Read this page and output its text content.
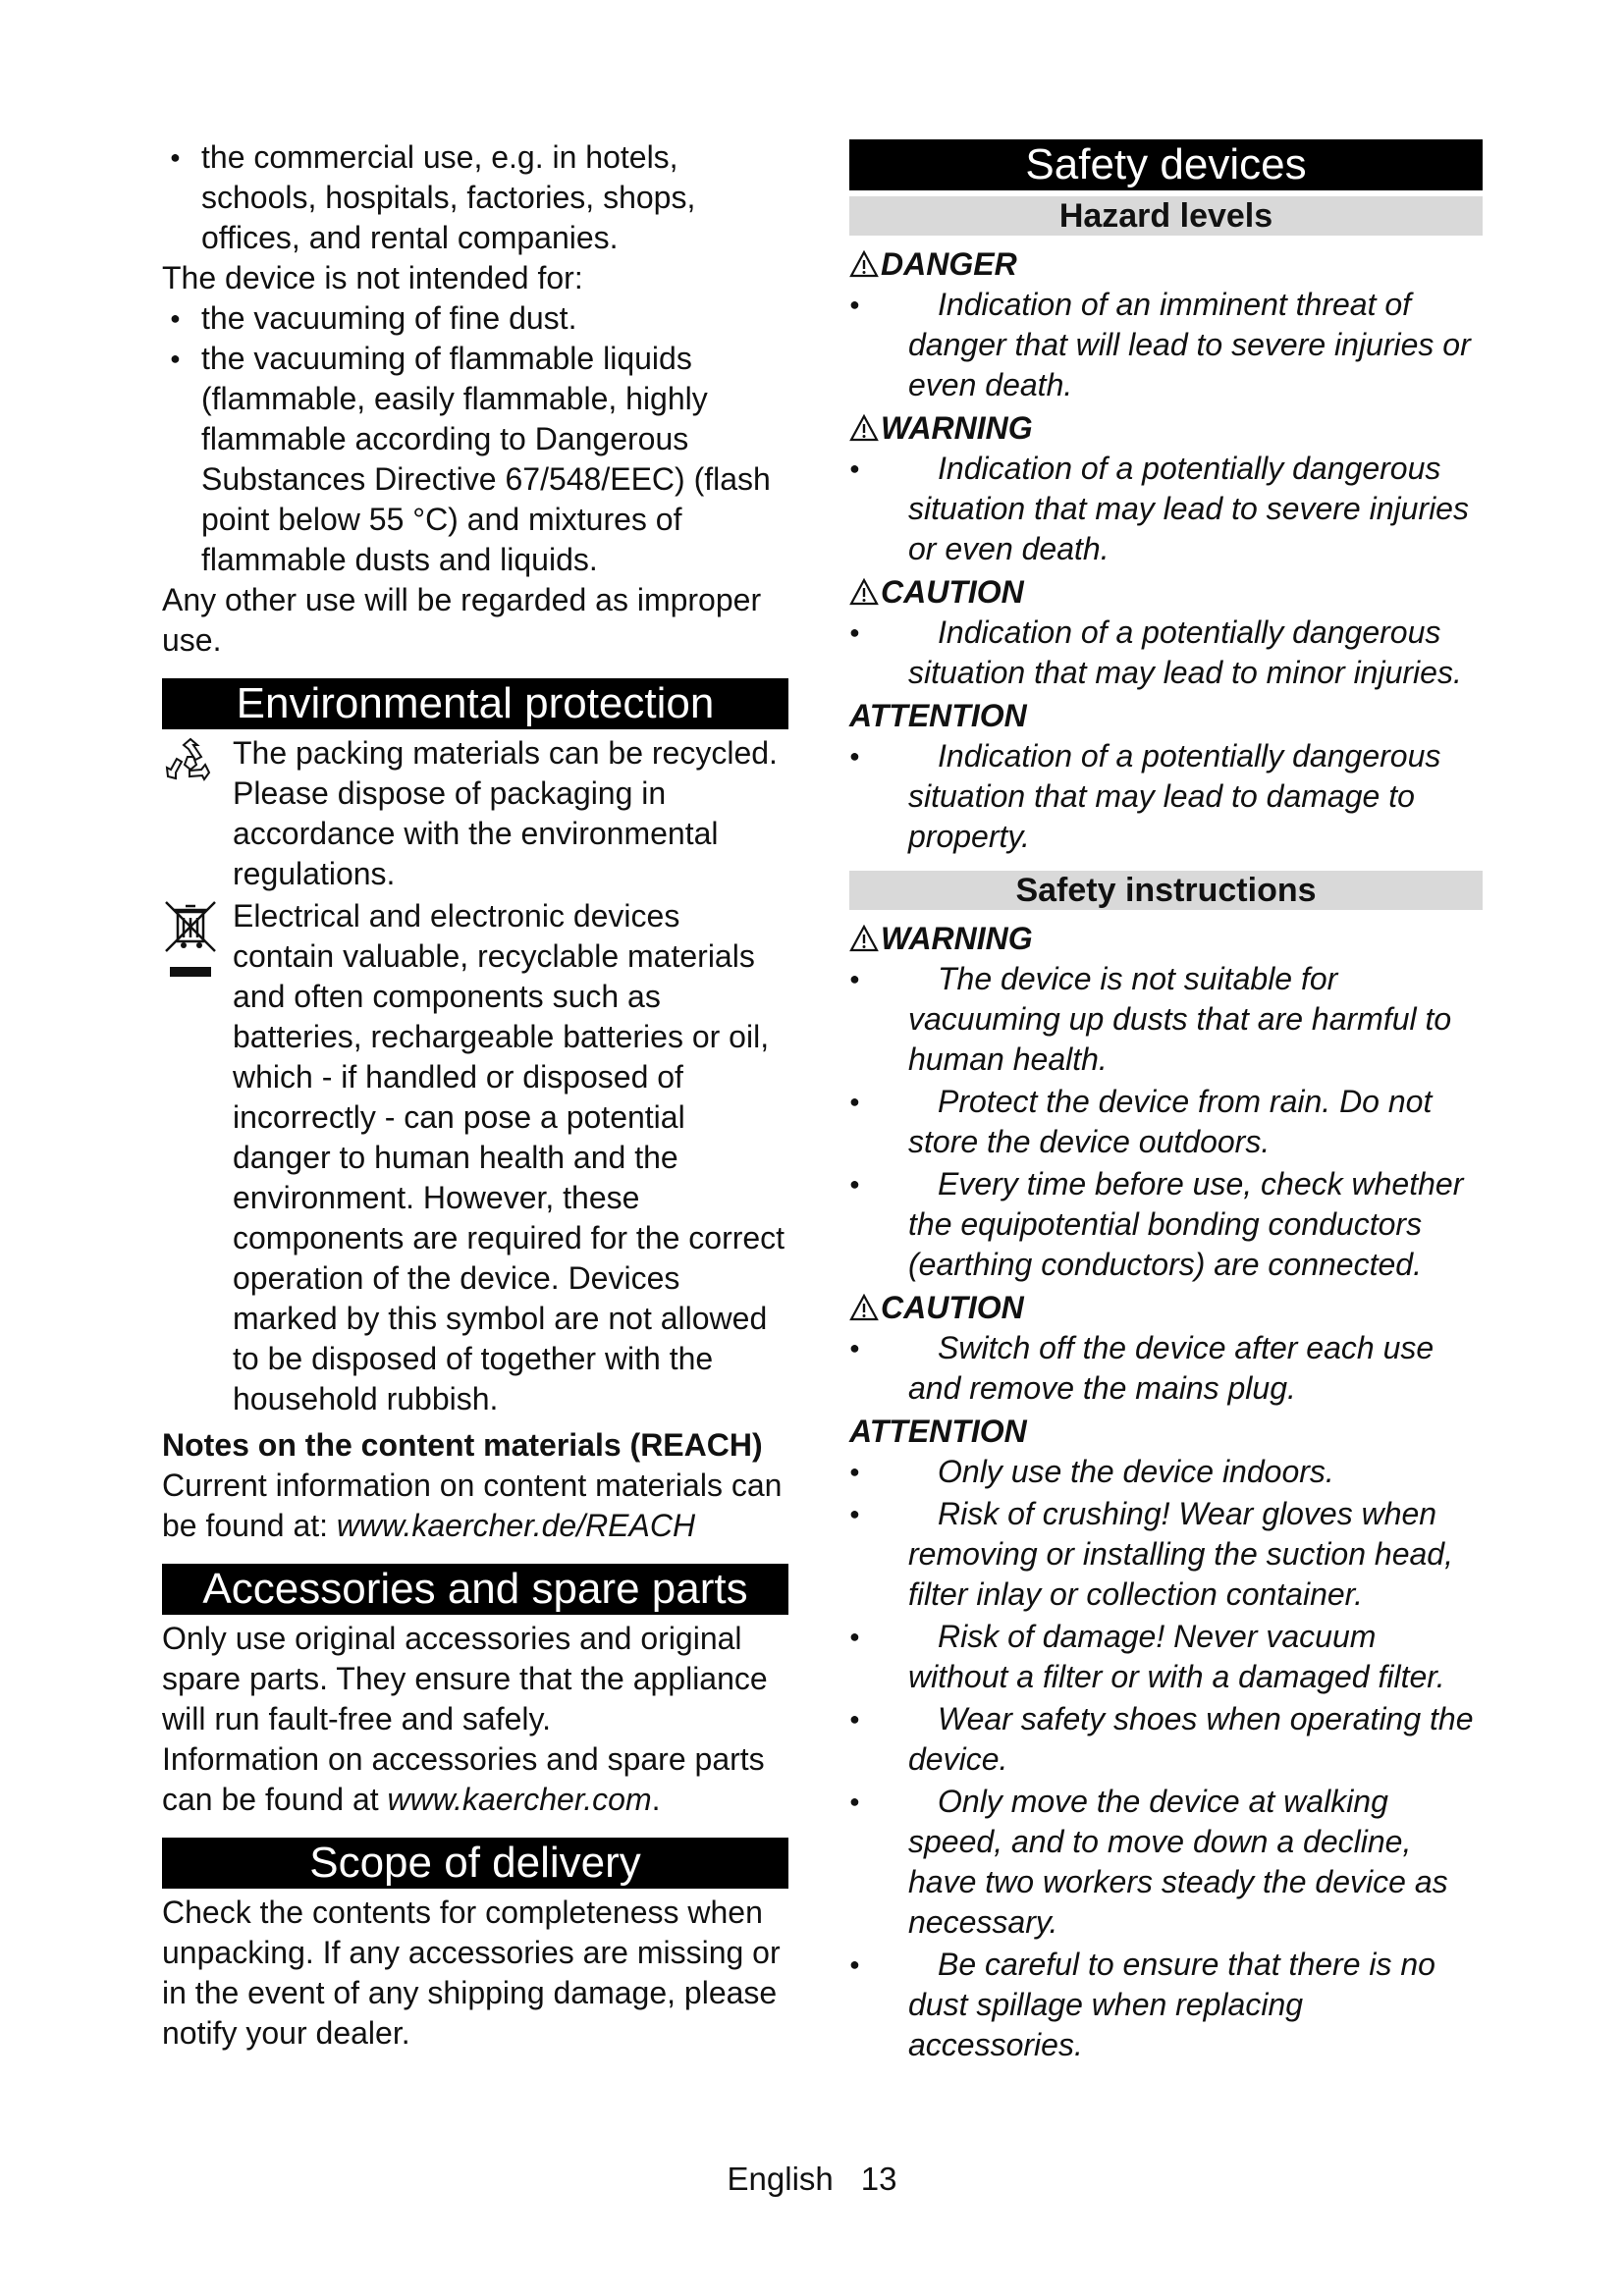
● the commercial use, e.g. in hotels, schools, hospitals, factories, shops, offices, and rental companies.

The device is not intended for:

● the vacuuming of fine dust.
● the vacuuming of flammable liquids (flammable, easily flammable, highly flammable according to Dangerous Substances Directive 67/548/EEC) (flash point below 55 °C) and mixtures of flammable dusts and liquids.

Any other use will be regarded as improper use.

Environmental protection

The packing materials can be recycled. Please dispose of packaging in accordance with the environmental regulations.

Electrical and electronic devices contain valuable, recyclable materials and often components such as batteries, rechargeable batteries or oil, which - if handled or disposed of incorrectly - can pose a potential danger to human health and the environment. However, these components are required for the correct operation of the device. Devices marked by this symbol are not allowed to be disposed of together with the household rubbish.

Notes on the content materials (REACH)

Current information on content materials can be found at: www.kaercher.de/REACH

Accessories and spare parts

Only use original accessories and original spare parts. They ensure that the appliance will run fault-free and safely.

Information on accessories and spare parts can be found at www.kaercher.com.

Scope of delivery

Check the contents for completeness when unpacking. If any accessories are missing or in the event of any shipping damage, please notify your dealer.

Safety devices
Hazard levels
DANGER
● Indication of an imminent threat of danger that will lead to severe injuries or even death.
WARNING
● Indication of a potentially dangerous situation that may lead to severe injuries or even death.
CAUTION
● Indication of a potentially dangerous situation that may lead to minor injuries.
ATTENTION
● Indication of a potentially dangerous situation that may lead to damage to property.
Safety instructions
WARNING
● The device is not suitable for vacuuming up dusts that are harmful to human health.
● Protect the device from rain. Do not store the device outdoors.
● Every time before use, check whether the equipotential bonding conductors (earthing conductors) are connected.
CAUTION
● Switch off the device after each use and remove the mains plug.
ATTENTION
● Only use the device indoors.
● Risk of crushing! Wear gloves when removing or installing the suction head, filter inlay or collection container.
● Risk of damage! Never vacuum without a filter or with a damaged filter.
● Wear safety shoes when operating the device.
● Only move the device at walking speed, and to move down a decline, have two workers steady the device as necessary.
● Be careful to ensure that there is no dust spillage when replacing accessories.
English 13
